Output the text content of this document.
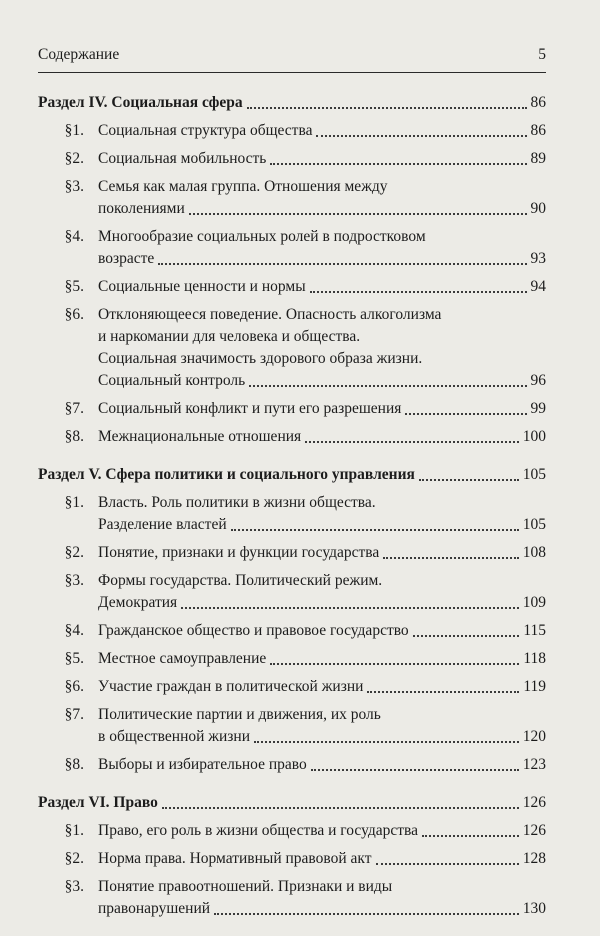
Содержание	5
Раздел IV. Социальная сфера	86
§1. Социальная структура общества	86
§2. Социальная мобильность	89
§3. Семья как малая группа. Отношения между
поколениями	90
§4. Многообразие социальных ролей в подростковом
возрасте	93
§5. Социальные ценности и нормы	94
§6. Отклоняющееся поведение. Опасность алкоголизма
и наркомании для человека и общества.
Социальная значимость здорового образа жизни.
Социальный контроль	96
§7. Социальный конфликт и пути его разрешения	99
§8. Межнациональные отношения	100
Раздел V. Сфера политики и социального управления	105
§1. Власть. Роль политики в жизни общества.
Разделение властей	105
§2. Понятие, признаки и функции государства	108
§3. Формы государства. Политический режим.
Демократия	109
§4. Гражданское общество и правовое государство	115
§5. Местное самоуправление	118
§6. Участие граждан в политической жизни	119
§7. Политические партии и движения, их роль
в общественной жизни	120
§8. Выборы и избирательное право	123
Раздел VI. Право	126
§1. Право, его роль в жизни общества и государства	126
§2. Норма права. Нормативный правовой акт	128
§3. Понятие правоотношений. Признаки и виды
правонарушений	130
